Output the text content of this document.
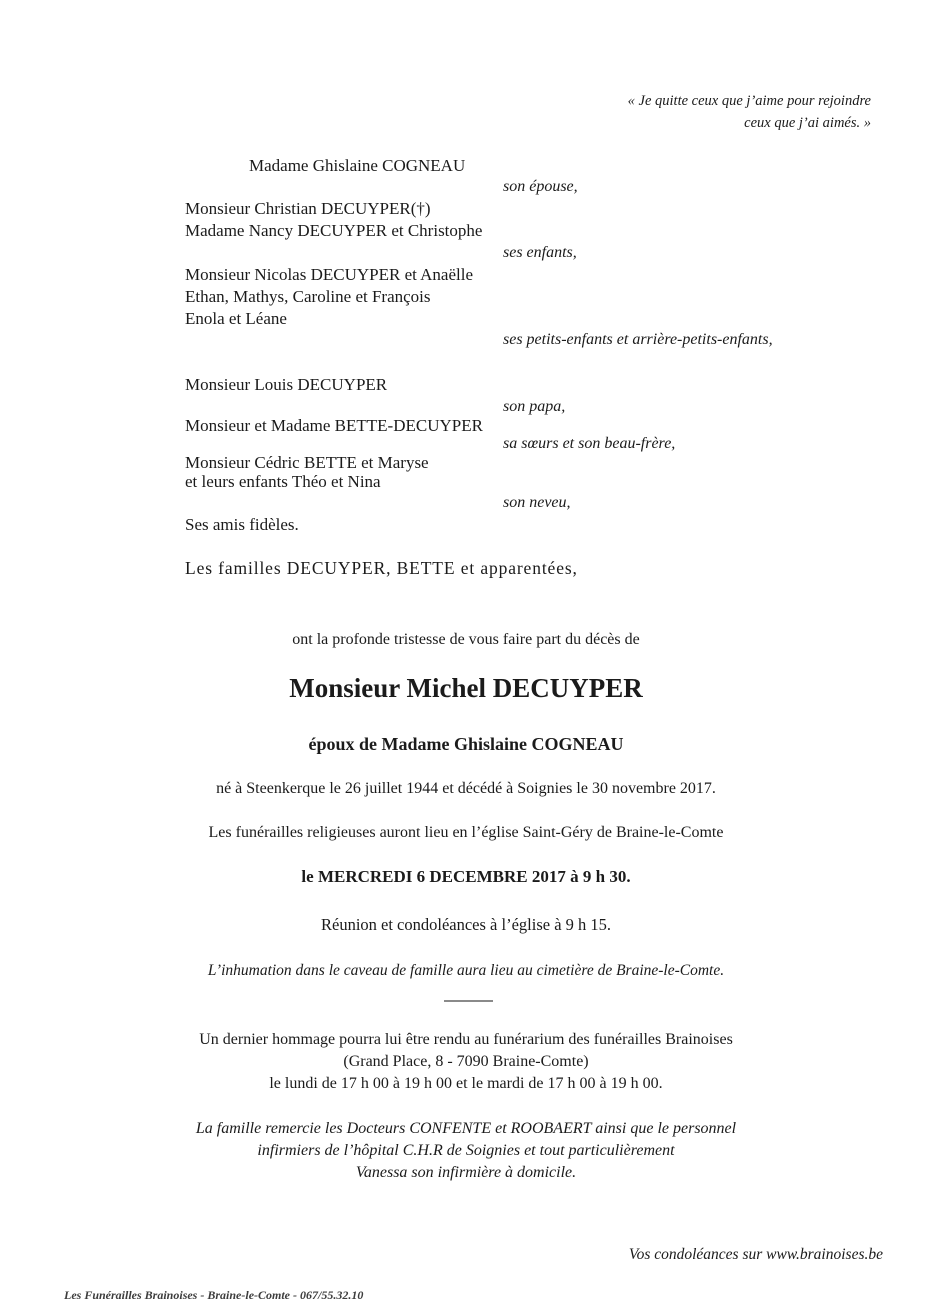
« Je quitte ceux que j’aime pour rejoindre
ceux que j’ai aimés. »
Madame Ghislaine COGNEAU
son épouse,
Monsieur Christian DECUYPER(†)
Madame Nancy DECUYPER et Christophe
ses enfants,
Monsieur Nicolas DECUYPER et Anaëlle
Ethan, Mathys, Caroline et François
Enola et Léane
ses petits-enfants et arrière-petits-enfants,
Monsieur Louis DECUYPER
son papa,
Monsieur et Madame BETTE-DECUYPER
sa sœurs et son beau-frère,
Monsieur Cédric BETTE et Maryse
et leurs enfants Théo et Nina
son neveu,
Ses amis fidèles.
Les familles DECUYPER, BETTE et apparentées,
ont la profonde tristesse de vous faire part du décès de
Monsieur Michel DECUYPER
époux de Madame Ghislaine COGNEAU
né à Steenkerque le 26 juillet 1944 et décédé à Soignies le 30 novembre 2017.
Les funérailles religieuses auront lieu en l’église Saint-Géry de Braine-le-Comte
le MERCREDI 6 DECEMBRE 2017 à 9 h 30.
Réunion et condoléances à l’église à 9 h 15.
L’inhumation dans le caveau de famille aura lieu au cimetière de Braine-le-Comte.
Un dernier hommage pourra lui être rendu au funérarium des funérailles Brainoises
(Grand Place, 8 - 7090 Braine-Comte)
le lundi de 17 h 00 à 19 h 00 et le mardi de 17 h 00 à 19 h 00.
La famille remercie les Docteurs CONFENTE et ROOBAERT ainsi que le personnel
infirmiers de l’hôpital C.H.R de Soignies et tout particulièrement
Vanessa son infirmière à domicile.
Vos condoléances sur www.brainoises.be
Les Funérailles Brainoises - Braine-le-Comte - 067/55.32.10
